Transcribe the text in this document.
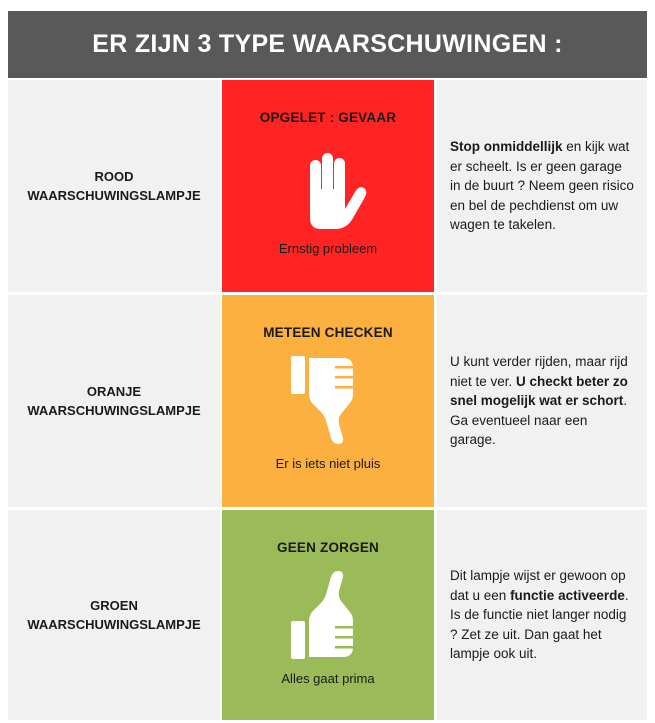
ER ZIJN 3 TYPE WAARSCHUWINGEN :
ROOD
WAARSCHUWINGSLAMPJE
OPGELET : GEVAAR
Ernstig probleem
Stop onmiddellijk en kijk wat er scheelt. Is er geen garage in de buurt ? Neem geen risico en bel de pechdienst om uw wagen te takelen.
ORANJE
WAARSCHUWINGSLAMPJE
METEEN CHECKEN
Er is iets niet pluis
U kunt verder rijden, maar rijd niet te ver. U checkt beter zo snel mogelijk wat er schort. Ga eventueel naar een garage.
GROEN
WAARSCHUWINGSLAMPJE
GEEN ZORGEN
Alles gaat prima
Dit lampje wijst er gewoon op dat u een functie activeerde. Is de functie niet langer nodig ? Zet ze uit. Dan gaat het lampje ook uit.
